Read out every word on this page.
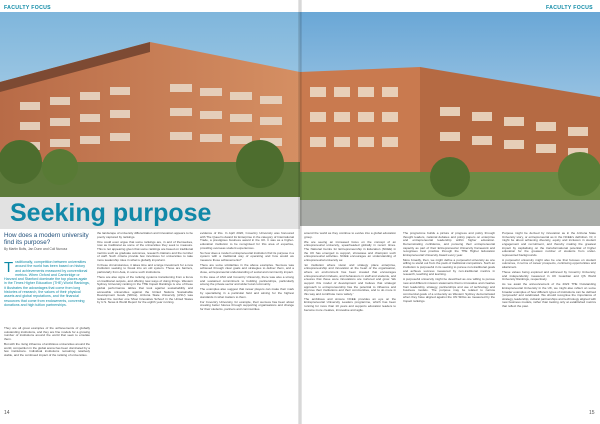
FACULTY FOCUS
Seeking purpose
How does a modern university find its purpose?
By Martin Bolts, Jan Dunn and Coli Nunusz
Traditionally, competition between universities around the world has been based on history and achievements measured by conventional metrics. When Oxford and Cambridge or Harvard and Stanford dominate the top places again in the Times Higher Education (THE) World Rankings, it illustrates the advantages that come from long histories of research, the values of their physical assets and global reputations, and the financial resources that come from endowments, convening donations and high tuition partnerships.

They are all great examples of the achievements of globally outstanding institutions, and they are fine models for a growing number of institutions around the world that seek to emulate them.

But with the rising influence of ambitious universities around the world, competition in the global arena has been dominated by a few institutions. Individual institutions remaining relatively stable, and the continued impact of the ranking of universities.

the landscape of university differentiation and innovation appears to be poorly captured by rankings.

One could even argue that some rankings are, in and of themselves, now as traditional as some of the universities they seek to measure. This is not appearing given that some rankings are based on traditional metrics such as graduate outcomes, research citations and the number of staff. Such criteria provide few incentives for universities to take more leadership roles in what is globally important.

In these circumstances, it takes time and a large investment for a new institution seeking to break into an old system. Those are barriers, particularly from Asia, in some such institutions.

There are also signs of the ranking systems transitioning from a focus on traditional outputs, and offering new ways of doing things. Western Sydney University ranking in the THE Impact Rankings is one of these global performance tables that look against sustainability and accessible universities against the United Nations Sustainable Development Goals (SDGs). Arizona State University (ASU) was ranked the number one 'Most Innovative School' in the United States by U.S. News & World Report for the eighth year running.

evidence of this. In April 2020, Coventry University was honoured with The Queen's Award for Enterprise in the category of International Trade, a prestigious business award in the UK. It was as a higher-education institution to be recognised for this area of expertise, providing overseas student experiences.

So how does a modern entrepreneurial institution find its purpose in a system with a traditional way of operating and how would we measure those achievements?

There are some similarities in the above examples. Success was achieved through clear goals and strategies to deliver them, and a close, entrepreneurial understanding of social and community impact.

In the case of ASU and Coventry University, there was also a strong and sustained commitment to building partnerships, particularly among the private sector and wider local community.

The examples also suggest that newer players can make their mark by specialising in a particular field and aiming for the highest standards in what matters to them.

For Coventry University, for example, their success has been about creating better futures through supporting organisations and change for their students, partners and communities.

14
FACULTY FOCUS

around the world as they continue to evolve into a global education group.

We are seeing an increased focus on the concept of an entrepreneurial university, spearheaded globally in recent times. The National Centre for Entrepreneurship in Education (NCEE) in the UK has emerged to support, showcase and champion such entrepreneurial activities. NCEE encourages an understanding of entrepreneurial university as:

'an institution where vision and strategy place enterprise, entrepreneurship and innovation at the heart of the organisation, where an environment has been created that encourages entrepreneurial mindsets, and behaviours in staff and students, and ensures that these were innovations are nurtured and grow. We support this model of development and believe that strategic approach to entrepreneurship has the potential to influence and improve their institutions and their communities, and to do more in this way and contribute more widely.'

The ambitious and sincere NCEE provides an eye on the Entrepreneurial University Leaders programme, which has been running for more than 10 years and supports education leaders to become more creative, innovative and agile.

The programme builds a picture of progress and policy through thought leaders, national debates and policy papers on enterprise and entrepreneurial leadership within higher education. Demonstrating confidence, and pursuing their entrepreneurial capacity as part of their Entrepreneurial University framework and recognises best practice through the THE Higher Education Entrepreneurial University Award every year.

More broadly, then, we might define a purposeful university as one willing to stand out from the pack of traditional competitors. Such an institution is purposeful in its seeking to pursue non-traditional goals and achieve success measured by non-traditional metrics in research, teaching and learning.

A purposeful university might be described as one willing to pursue new and different mission statements that is innovative and creative from leadership, strategy, partnerships and use of technology and business models. The purpose may be related to narrow commercial goals of a university as Western Sydney demonstrated when they have aligned against the UN SDGs as measured by the Impact rankings.

Purpose might be derived by innovation as in the Arizona State University story, or entrepreneurial as in the NCEE's definition. Or, it might be about achieving diversity, equity and inclusion in student engagement and recruitment, and thereby making the greatest impact by capitalising on the transformational potential of higher education for the greatest number of students from under-represented backgrounds.

A purposeful university might also be one that focuses on student outcomes, in terms of career prospects, continuing opportunities and attainment.

These values being explored and achieved by Coventry University, and independently measured in UK Guardian and QS World University Rankings, respectively.

As we await the announcement of the 2023 THE Outstanding Entrepreneurial University in the UK, we might also reflect on some broader examples of how different types of institutions can be defined 'purposeful' and celebrated. We should recognise the importance of strategy, leadership, cultural partnerships and technology aligned with new business models, rather than looking only at established metrics that reflect the past.

15
